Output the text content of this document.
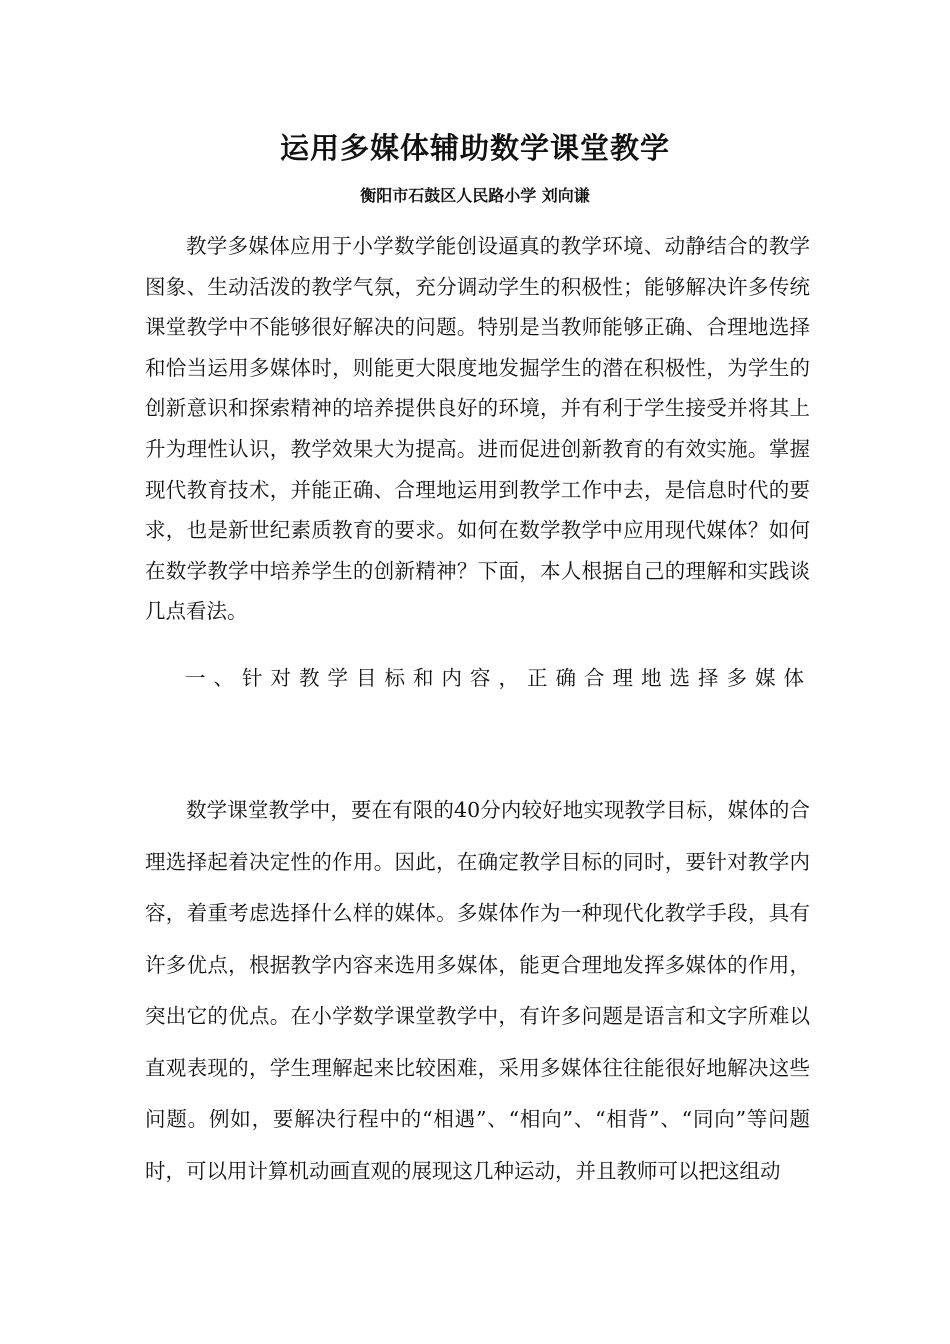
运用多媒体辅助数学课堂教学

衡阳市石鼓区人民路小学 刘向谦

教学多媒体应用于小学数学能创设逼真的教学环境、动静结合的教学图象、生动活泼的教学气氛，充分调动学生的积极性；能够解决许多传统课堂教学中不能够很好解决的问题。特别是当教师能够正确、合理地选择和恰当运用多媒体时，则能更大限度地发掘学生的潜在积极性，为学生的创新意识和探索精神的培养提供良好的环境，并有利于学生接受并将其上升为理性认识，教学效果大为提高。进而促进创新教育的有效实施。掌握现代教育技术，并能正确、合理地运用到教学工作中去，是信息时代的要求，也是新世纪素质教育的要求。如何在数学教学中应用现代媒体？如何在数学教学中培养学生的创新精神？下面，本人根据自己的理解和实践谈几点看法。

一、针对教学目标和内容，正确合理地选择多媒体

数学课堂教学中，要在有限的40分内较好地实现教学目标，媒体的合理选择起着决定性的作用。因此，在确定教学目标的同时，要针对教学内容，着重考虑选择什么样的媒体。多媒体作为一种现代化教学手段，具有许多优点，根据教学内容来选用多媒体，能更合理地发挥多媒体的作用，突出它的优点。在小学数学课堂教学中，有许多问题是语言和文字所难以直观表现的，学生理解起来比较困难，采用多媒体往往能很好地解决这些问题。例如，要解决行程中的“相遇”、“相向”、“相背”、“同向”等问题时，可以用计算机动画直观的展现这几种运动，并且教师可以把这组动
